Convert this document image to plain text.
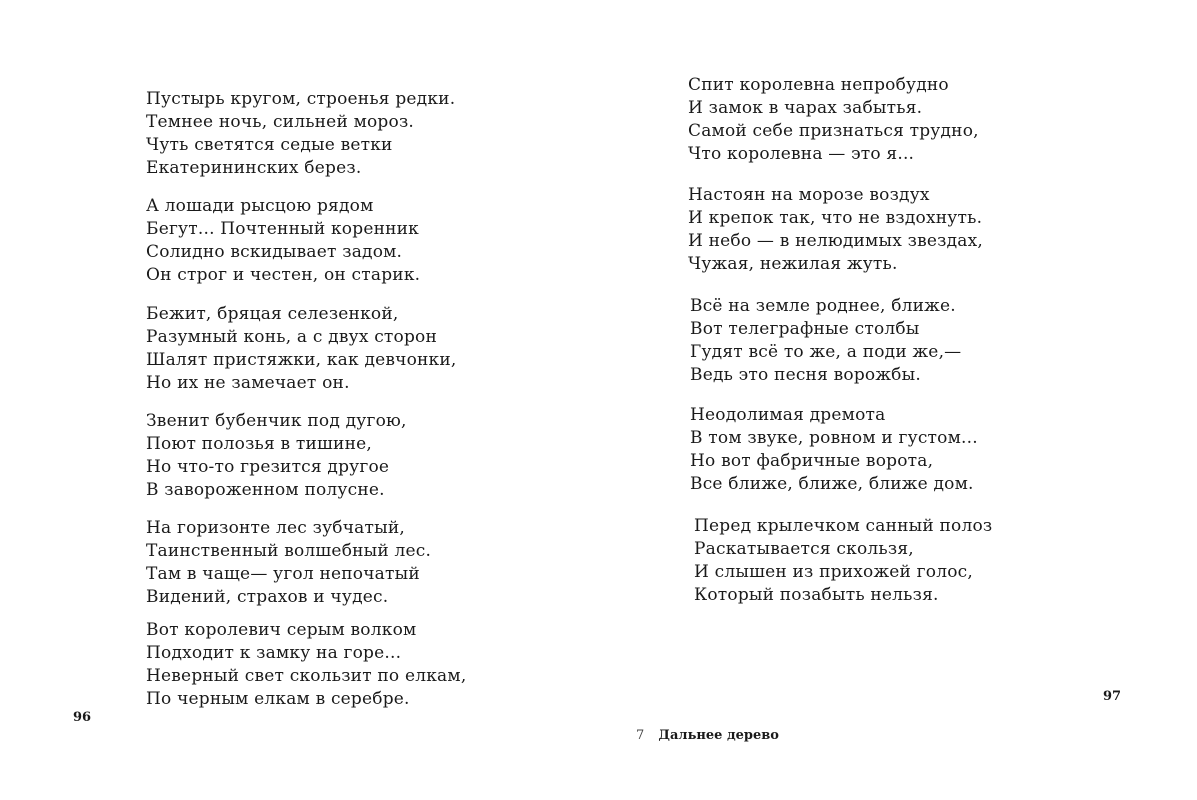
Пустырь кругом, строенья редки.
Темнее ночь, сильней мороз.
Чуть светятся седые ветки
Екатерининских берез.
А лошади рысцою рядом
Бегут... Почтенный коренник
Солидно вскидывает задом.
Он строг и честен, он старик.
Бежит, бряцая селезенкой,
Разумный конь, а с двух сторон
Шалят пристяжки, как девчонки,
Но их не замечает он.
Звенит бубенчик под дугою,
Поют полозья в тишине,
Но что-то грезится другое
В завороженном полусне.
На горизонте лес зубчатый,
Таинственный волшебный лес.
Там в чаще— угол непочатый
Видений, страхов и чудес.
Вот королевич серым волком
Подходит к замку на горе...
Неверный свет скользит по елкам,
По черным елкам в серебре.
96
Спит королевна непробудно
И замок в чарах забытья.
Самой себе признаться трудно,
Что королевна — это я...
Настоян на морозе воздух
И крепок так, что не вздохнуть.
И небо — в нелюдимых звездах,
Чужая, нежилая жуть.
Всё на земле роднее, ближе.
Вот телеграфные столбы
Гудят всё то же, а поди же,—
Ведь это песня ворожбы.
Неодолимая дремота
В том звуке, ровном и густом...
Но вот фабричные ворота,
Все ближе, ближе, ближе дом.
Перед крылечком санный полоз
Раскатывается скользя,
И слышен из прихожей голос,
Который позабыть нельзя.
97
7 Дальнее дерево
